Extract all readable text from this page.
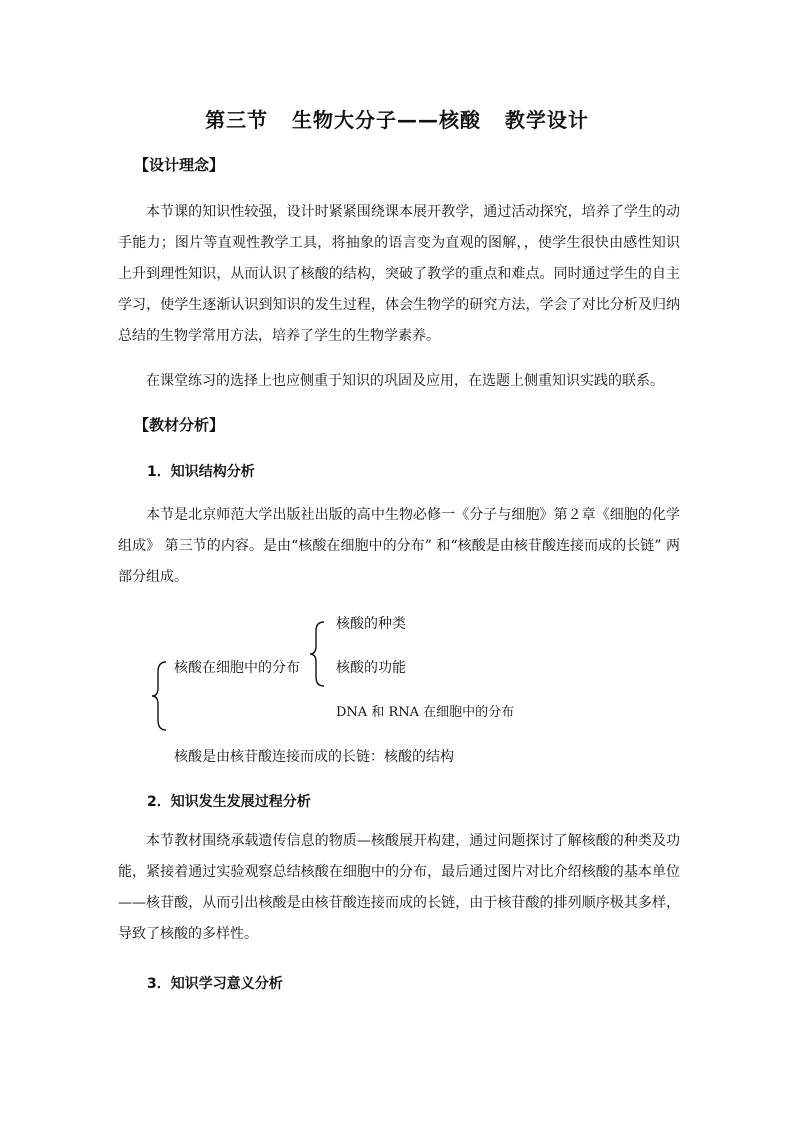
第三节   生物大分子——核酸   教学设计
【设计理念】
本节课的知识性较强，设计时紧紧围绕课本展开教学，通过活动探究，培养了学生的动手能力；图片等直观性教学工具，将抽象的语言变为直观的图解，，使学生很快由感性知识上升到理性知识，从而认识了核酸的结构，突破了教学的重点和难点。同时通过学生的自主学习，使学生逐渐认识到知识的发生过程，体会生物学的研究方法，学会了对比分析及归纳总结的生物学常用方法，培养了学生的生物学素养。
在课堂练习的选择上也应侧重于知识的巩固及应用，在选题上侧重知识实践的联系。
【教材分析】
1．知识结构分析
本节是北京师范大学出版社出版的高中生物必修一《分子与细胞》第２章《细胞的化学组成》 第三节的内容。是由“核酸在细胞中的分布” 和“核酸是由核苷酸连接而成的长链” 两部分组成。
核酸在细胞中的分布
核酸的种类
核酸的功能
DNA 和 RNA 在细胞中的分布
核酸是由核苷酸连接而成的长链：核酸的结构
2．知识发生发展过程分析
本节教材围绕承载遗传信息的物质—核酸展开构建，通过问题探讨了解核酸的种类及功能，紧接着通过实验观察总结核酸在细胞中的分布，最后通过图片对比介绍核酸的基本单位——核苷酸，从而引出核酸是由核苷酸连接而成的长链，由于核苷酸的排列顺序极其多样，导致了核酸的多样性。
3．知识学习意义分析
